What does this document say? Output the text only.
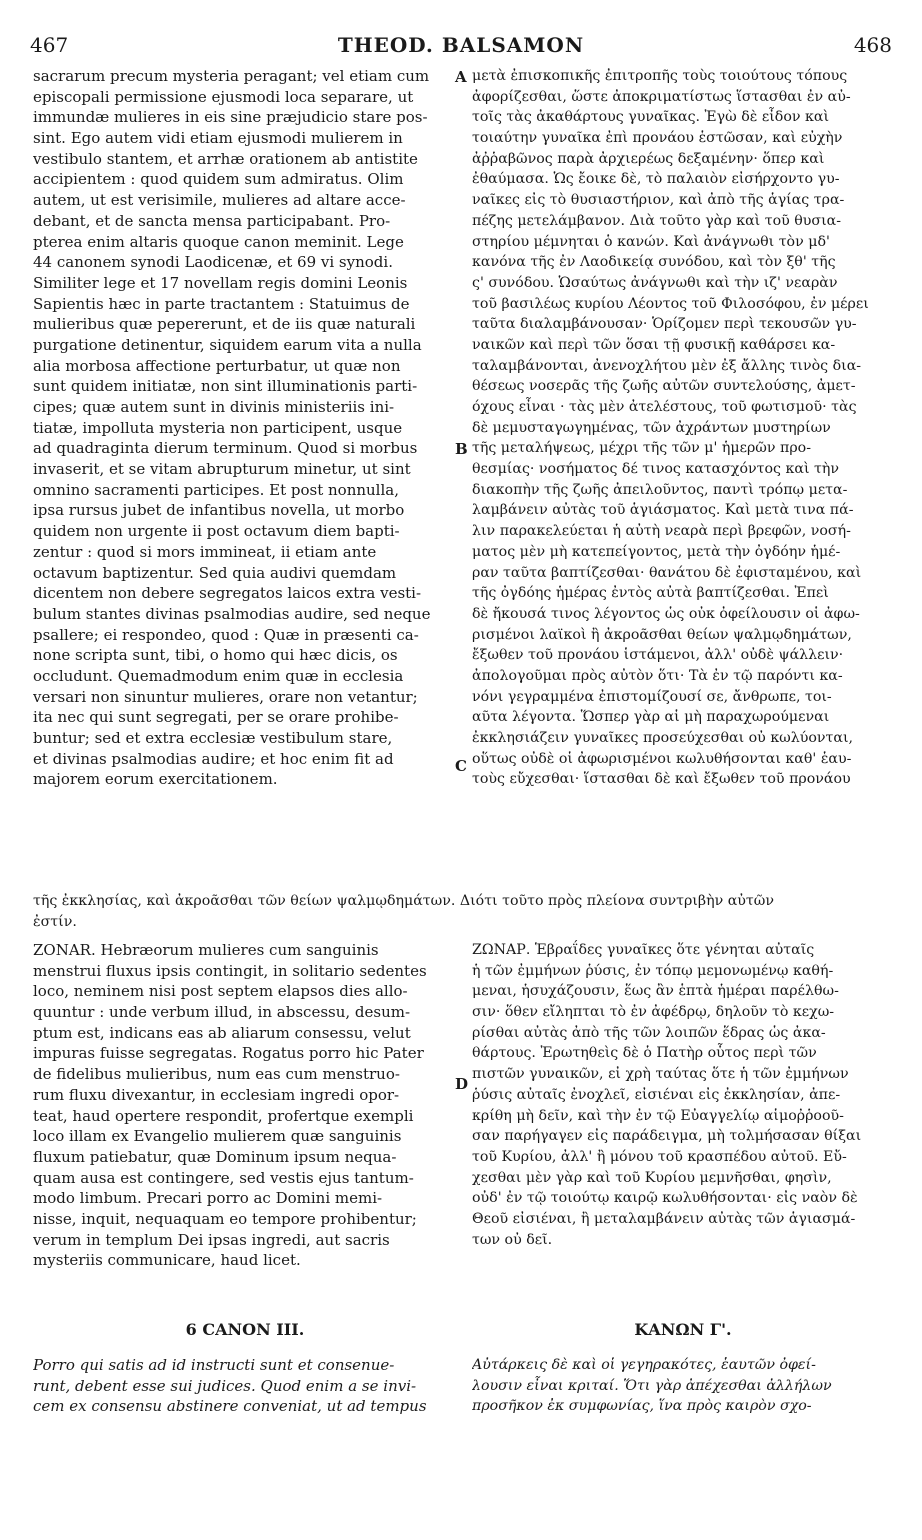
467	THEOD. BALSAMON	468
A
B
C
D
sacrarum precum mysteria peragant; vel etiam cum
episcopali permissione ejusmodi loca separare, ut
immundæ mulieres in eis sine præjudicio stare pos-
sint. Ego autem vidi etiam ejusmodi mulierem in
vestibulo stantem, et arrhæ orationem ab antistite
accipientem : quod quidem sum admiratus. Olim
autem, ut est verisimile, mulieres ad altare acce-
debant, et de sancta mensa participabant. Pro-
pterea enim altaris quoque canon meminit. Lege
44 canonem synodi Laodicenæ, et 69 vi synodi.
Similiter lege et 17 novellam regis domini Leonis
Sapientis hæc in parte tractantem : Statuimus de
mulieribus quæ pepererunt, et de iis quæ naturali
purgatione detinentur, siquidem earum vita a nulla
alia morbosa affectione perturbatur, ut quæ non
sunt quidem initiatæ, non sint illuminationis parti-
cipes; quæ autem sunt in divinis ministeriis ini-
tiatæ, impolluta mysteria non participent, usque
ad quadraginta dierum terminum. Quod si morbus
invaserit, et se vitam abrupturum minetur, ut sint
omnino sacramenti participes. Et post nonnulla,
ipsa rursus jubet de infantibus novella, ut morbo
quidem non urgente ii post octavum diem bapti-
zentur : quod si mors immineat, ii etiam ante
octavum baptizentur. Sed quia audivi quemdam
dicentem non debere segregatos laicos extra vesti-
bulum stantes divinas psalmodias audire, sed neque
psallere; ei respondeo, quod : Quæ in præsenti ca-
none scripta sunt, tibi, o homo qui hæc dicis, os
occludunt. Quemadmodum enim quæ in ecclesia
versari non sinuntur mulieres, orare non vetantur;
ita nec qui sunt segregati, per se orare prohibe-
buntur; sed et extra ecclesiæ vestibulum stare,
et divinas psalmodias audire; et hoc enim fit ad
majorem eorum exercitationem.
μετὰ ἐπισκοπικῆς ἐπιτροπῆς τοὺς τοιούτους τόπους
ἀφορίζεσθαι, ὥστε ἀποκριματίστως ἵστασθαι ἐν αὐ-
τοῖς τὰς ἀκαθάρτους γυναῖκας. Ἐγὼ δὲ εἶδον καὶ
τοιαύτην γυναῖκα ἐπὶ προνάου ἑστῶσαν, καὶ εὐχὴν
ἀῤῥαβῶνος παρὰ ἀρχιερέως δεξαμένην· ὅπερ καὶ
ἐθαύμασα. Ὡς ἔοικε δὲ, τὸ παλαιὸν εἰσήρχοντο γυ-
ναῖκες εἰς τὸ θυσιαστήριον, καὶ ἀπὸ τῆς ἁγίας τρα-
πέζης μετελάμβανον. Διὰ τοῦτο γὰρ καὶ τοῦ θυσια-
στηρίου μέμνηται ὁ κανών. Καὶ ἀνάγνωθι τὸν μδ'
κανόνα τῆς ἐν Λαοδικείᾳ συνόδου, καὶ τὸν ξθ' τῆς
ς' συνόδου. Ὡσαύτως ἀνάγνωθι καὶ τὴν ιζ' νεαρὰν
τοῦ βασιλέως κυρίου Λέοντος τοῦ Φιλοσόφου, ἐν μέρει
ταῦτα διαλαμβάνουσαν· Ὁρίζομεν περὶ τεκουσῶν γυ-
ναικῶν καὶ περὶ τῶν ὅσαι τῇ φυσικῇ καθάρσει κα-
ταλαμβάνονται, ἀνενοχλήτου μὲν ἐξ ἄλλης τινὸς δια-
θέσεως νοσερᾶς τῆς ζωῆς αὐτῶν συντελούσης, ἀμετ-
όχους εἶναι · τὰς μὲν ἀτελέστους, τοῦ φωτισμοῦ· τὰς
δὲ μεμυσταγωγημένας, τῶν ἀχράντων μυστηρίων
τῆς μεταλήψεως, μέχρι τῆς τῶν μ' ἡμερῶν προ-
θεσμίας· νοσήματος δέ τινος κατασχόντος καὶ τὴν
διακοπὴν τῆς ζωῆς ἀπειλοῦντος, παντὶ τρόπῳ μετα-
λαμβάνειν αὐτὰς τοῦ ἁγιάσματος. Καὶ μετὰ τινα πά-
λιν παρακελεύεται ἡ αὐτὴ νεαρὰ περὶ βρεφῶν, νοσή-
ματος μὲν μὴ κατεπείγοντος, μετὰ τὴν ὀγδόην ἡμέ-
ραν ταῦτα βαπτίζεσθαι· θανάτου δὲ ἐφισταμένου, καὶ
τῆς ὀγδόης ἡμέρας ἐντὸς αὐτὰ βαπτίζεσθαι. Ἐπεὶ
δὲ ἤκουσά τινος λέγοντος ὡς οὐκ ὀφείλουσιν οἱ ἀφω-
ρισμένοι λαϊκοὶ ἢ ἀκροᾶσθαι θείων ψαλμῳδημάτων,
ἔξωθεν τοῦ προνάου ἱστάμενοι, ἀλλ' οὐδὲ ψάλλειν·
ἀπολογοῦμαι πρὸς αὐτὸν ὅτι· Τὰ ἐν τῷ παρόντι κα-
νόνι γεγραμμένα ἐπιστομίζουσί σε, ἄνθρωπε, τοι-
αῦτα λέγοντα. Ὥσπερ γὰρ αἱ μὴ παραχωρούμεναι
ἐκκλησιάζειν γυναῖκες προσεύχεσθαι οὐ κωλύονται,
οὕτως οὐδὲ οἱ ἀφωρισμένοι κωλυθήσονται καθ' ἑαυ-
τοὺς εὔχεσθαι· ἵστασθαι δὲ καὶ ἔξωθεν τοῦ προνάου
τῆς ἐκκλησίας, καὶ ἀκροᾶσθαι τῶν θείων ψαλμῳδημάτων. Διότι τοῦτο πρὸς πλείονα συντριβὴν αὐτῶν
ἐστίν.
ZONAR. Hebræorum mulieres cum sanguinis
menstrui fluxus ipsis contingit, in solitario sedentes
loco, neminem nisi post septem elapsos dies allo-
quuntur : unde verbum illud, in abscessu, desum-
ptum est, indicans eas ab aliarum consessu, velut
impuras fuisse segregatas. Rogatus porro hic Pater
de fidelibus mulieribus, num eas cum menstruo-
rum fluxu divexantur, in ecclesiam ingredi opor-
teat, haud opertere respondit, profertque exempli
loco illam ex Evangelio mulierem quæ sanguinis
fluxum patiebatur, quæ Dominum ipsum nequa-
quam ausa est contingere, sed vestis ejus tantum-
modo limbum. Precari porro ac Domini memi-
nisse, inquit, nequaquam eo tempore prohibentur;
verum in templum Dei ipsas ingredi, aut sacris
mysteriis communicare, haud licet.
ΖΩΝΑΡ. Ἑβραΐδες γυναῖκες ὅτε γένηται αὐταῖς
ἡ τῶν ἐμμήνων ῥύσις, ἐν τόπῳ μεμονωμένῳ καθή-
μεναι, ἡσυχάζουσιν, ἕως ἂν ἑπτὰ ἡμέραι παρέλθω-
σιν· ὅθεν εἴληπται τὸ ἐν ἀφέδρῳ, δηλοῦν τὸ κεχω-
ρίσθαι αὐτὰς ἀπὸ τῆς τῶν λοιπῶν ἕδρας ὡς ἀκα-
θάρτους. Ἐρωτηθεὶς δὲ ὁ Πατὴρ οὗτος περὶ τῶν
πιστῶν γυναικῶν, εἰ χρὴ ταύτας ὅτε ἡ τῶν ἐμμήνων
ῥύσις αὐταῖς ἐνοχλεῖ, εἰσιέναι εἰς ἐκκλησίαν, ἀπε-
κρίθη μὴ δεῖν, καὶ τὴν ἐν τῷ Εὐαγγελίῳ αἱμοῤῥοοῦ-
σαν παρήγαγεν εἰς παράδειγμα, μὴ τολμήσασαν θίξαι
τοῦ Κυρίου, ἀλλ' ἢ μόνου τοῦ κρασπέδου αὐτοῦ. Εὔ-
χεσθαι μὲν γὰρ καὶ τοῦ Κυρίου μεμνῆσθαι, φησὶν,
οὐδ' ἐν τῷ τοιούτῳ καιρῷ κωλυθήσονται· εἰς ναὸν δὲ
Θεοῦ εἰσιέναι, ἢ μεταλαμβάνειν αὐτὰς τῶν ἁγιασμά-
των οὐ δεῖ.
6 CANON III.	ΚΑΝΩΝ Γ'.
Porro qui satis ad id instructi sunt et consenue-
runt, debent esse sui judices. Quod enim a se invi-
cem ex consensu abstinere conveniat, ut ad tempus
Αὐτάρκεις δὲ καὶ οἱ γεγηρακότες, ἑαυτῶν ὀφεί-
λουσιν εἶναι κριταί. Ὅτι γὰρ ἀπέχεσθαι ἀλλήλων
προσῆκον ἐκ συμφωνίας, ἵνα πρὸς καιρὸν σχο-
